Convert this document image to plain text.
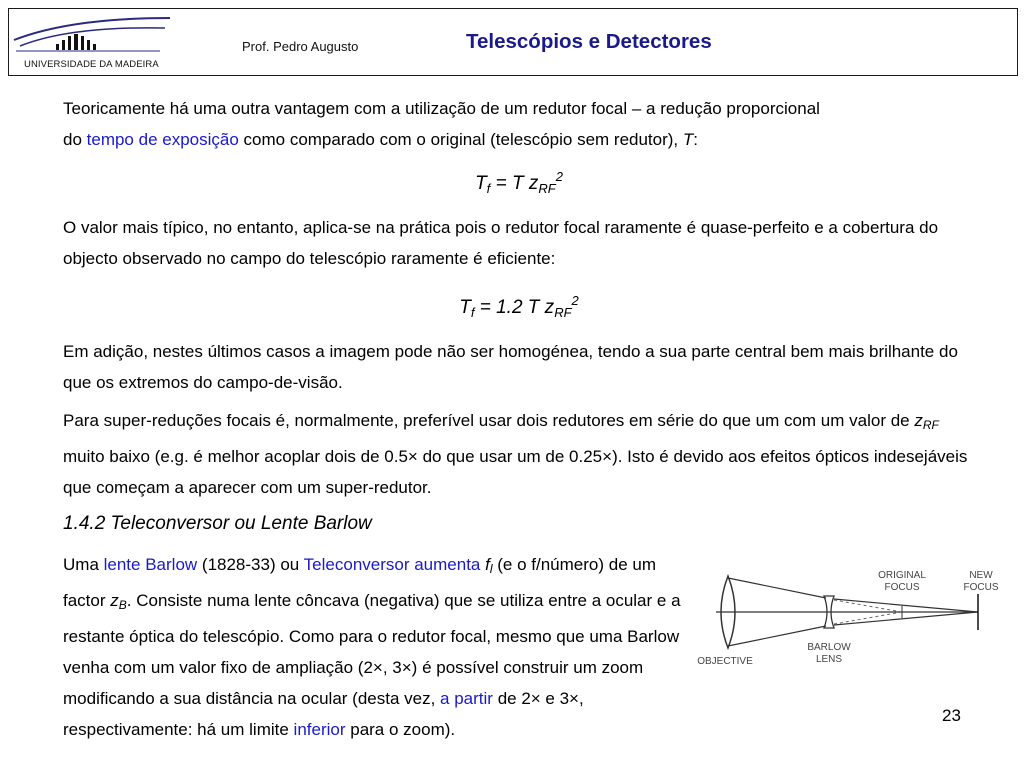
UNIVERSIDADE DA MADEIRA
Prof. Pedro Augusto	Telescópios e Detectores
Teoricamente há uma outra vantagem com a utilização de um redutor focal – a redução proporcional
do tempo de exposição como comparado com o original (telescópio sem redutor), T:
$T_f = T$ $z_{RF}^2$
O valor mais típico, no entanto, aplica-se na prática pois o redutor focal raramente é quase-perfeito e a cobertura do objecto observado no campo do telescópio raramente é eficiente:
$T_f = 1.2$ T $z_{RF}^2$
Em adição, nestes últimos casos a imagem pode não ser homogénea, tendo a sua parte central bem mais brilhante do que os extremos do campo-de-visão.
Para super-reduções focais é, normalmente, preferível usar dois redutores em série do que um com um valor de $z_{RF}$ muito baixo (e.g. é melhor acoplar dois de 0.5× do que usar um de 0.25×). Isto é devido aos efeitos ópticos indesejáveis que começam a aparecer com um super-redutor.
1.4.2 Teleconversor ou Lente Barlow
Uma lente Barlow (1828-33) ou Teleconversor aumenta $f_l$ (e o f/número) de um factor $z_B$. Consiste numa lente côncava (negativa) que se utiliza entre a ocular e a restante óptica do telescópio. Como para o redutor focal, mesmo que uma Barlow venha com um valor fixo de ampliação (2×, 3×) é possível construir um zoom modificando a sua distância na ocular (desta vez, a partir de 2× e 3×, respectivamente: há um limite inferior para o zoom).
ORIGINAL FOCUS
NEW FOCUS
OBJECTIVE
BARLOW LENS
23
